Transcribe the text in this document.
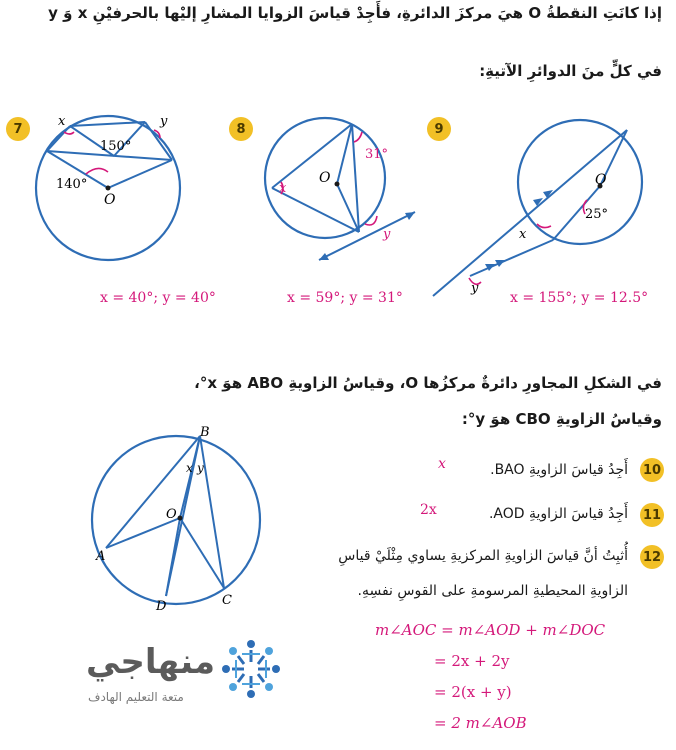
إذا كانَتِ النقطةُ O هيَ مركزَ الدائرةِ، فأَجِدْ قياسَ الزوايا المشارِ إليْها بالحرفيْنِ x وَ y
في كلٍّ منَ الدوائرِ الآتيةِ:
7	8	9
x	y
150°
140°
O
31°
x
y
O	O
25°
x
y
x = 40°; y = 40°	x = 59°; y = 31°	x = 155°; y = 12.5°
في الشكلِ المجاورِ دائرةٌ مركزُها O، وقياسُ الزاويةِ ABO هوَ x°،
وقياسُ الزاويةِ CBO هوَ y°:
B
A
D	C
O
x y	10
أَجِدُ قياسَ الزاويةِ BAO.
x
11
أَجِدُ قياسَ الزاويةِ AOD.
2x
12
أُثبِتُ أنَّ قياسَ الزاويةِ المركزيةِ يساوي مِثْلَيْ قياسِ
الزاويةِ المحيطيةِ المرسومةِ على القوسِ نفسِهِ.
m∠AOC = m∠AOD + m∠DOC
= 2x + 2y
= 2(x + y)
= 2 m∠AOB
منهاجي
متعة التعليم الهادف
